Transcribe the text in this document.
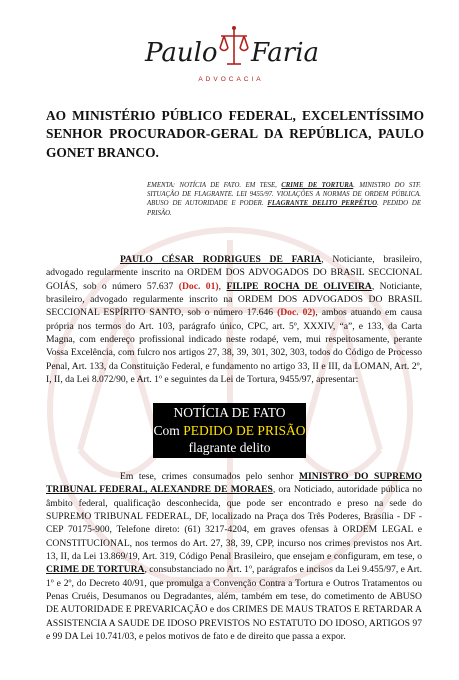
Paulo Faria
ADVOCACIA
AO MINISTÉRIO PÚBLICO FEDERAL, EXCELENTÍSSIMO SENHOR PROCURADOR-GERAL DA REPÚBLICA, PAULO GONET BRANCO.
EMENTA: NOTÍCIA DE FATO. EM TESE, CRIME DE TORTURA. MINISTRO DO STF. SITUAÇÃO DE FLAGRANTE. LEI 9455/97. VIOLAÇÕES A NORMAS DE ORDEM PÚBLICA. ABUSO DE AUTORIDADE E PODER. FLAGRANTE DELITO PERPÉTUO. PEDIDO DE PRISÃO.
PAULO CÉSAR RODRIGUES DE FARIA, Noticiante, brasileiro, advogado regularmente inscrito na ORDEM DOS ADVOGADOS DO BRASIL SECCIONAL GOIÁS, sob o número 57.637 (Doc. 01), FILIPE ROCHA DE OLIVEIRA, Noticiante, brasileiro, advogado regularmente inscrito na ORDEM DOS ADVOGADOS DO BRASIL SECCIONAL ESPÍRITO SANTO, sob o número 17.646 (Doc. 02), ambos atuando em causa própria nos termos do Art. 103, parágrafo único, CPC, art. 5º, XXXIV, “a”, e 133, da Carta Magna, com endereço profissional indicado neste rodapé, vem, mui respeitosamente, perante Vossa Excelência, com fulcro nos artigos 27, 38, 39, 301, 302, 303, todos do Código de Processo Penal, Art. 133, da Constituição Federal, e fundamento no artigo 33, II e III, da LOMAN, Art. 2º, I, II, da Lei 8.072/90, e Art. 1º e seguintes da Lei de Tortura, 9455/97, apresentar:
NOTÍCIA DE FATO
Com PEDIDO DE PRISÃO
flagrante delito
Em tese, crimes consumados pelo senhor MINISTRO DO SUPREMO TRIBUNAL FEDERAL, ALEXANDRE DE MORAES, ora Noticiado, autoridade pública no âmbito federal, qualificação desconhecida, que pode ser encontrado e preso na sede do SUPREMO TRIBUNAL FEDERAL, DF, localizado na Praça dos Três Poderes, Brasília - DF - CEP 70175-900, Telefone direto: (61) 3217-4204, em graves ofensas à ORDEM LEGAL e CONSTITUCIONAL, nos termos do Art. 27, 38, 39, CPP, incurso nos crimes previstos nos Art. 13, II, da Lei 13.869/19, Art. 319, Código Penal Brasileiro, que ensejam e configuram, em tese, o CRIME DE TORTURA, consubstanciado no Art. 1º, parágrafos e incisos da Lei 9.455/97, e Art. 1º e 2º, do Decreto 40/91, que promulga a Convenção Contra a Tortura e Outros Tratamentos ou Penas Cruéis, Desumanos ou Degradantes, além, também em tese, do cometimento de ABUSO DE AUTORIDADE E PREVARICAÇÃO e dos CRIMES DE MAUS TRATOS E RETARDAR A ASSISTENCIA A SAUDE DE IDOSO PREVISTOS NO ESTATUTO DO IDOSO, ARTIGOS 97 e 99 DA Lei 10.741/03, e pelos motivos de fato e de direito que passa a expor.
